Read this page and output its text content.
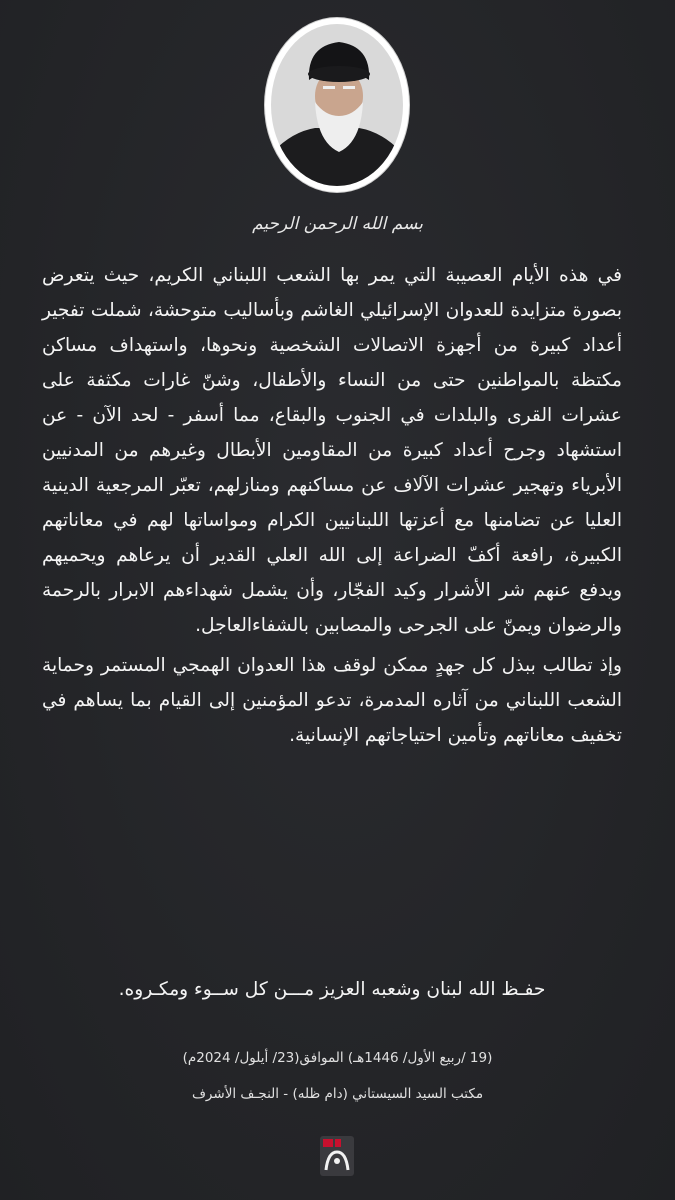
بسم الله الرحمن الرحيم

في هذه الأيام العصيبة التي يمر بها الشعب اللبناني الكريم، حيث يتعرض بصورة متزايدة للعدوان الإسرائيلي الغاشم وبأساليب متوحشة، شملت تفجير أعداد كبيرة من أجهزة الاتصالات الشخصية ونحوها، واستهداف مساكن مكتظة بالمواطنين حتى من النساء والأطفال، وشنّ غارات مكثفة على عشرات القرى والبلدات في الجنوب والبقاع، مما أسفر - لحد الآن - عن استشهاد وجرح أعداد كبيرة من المقاومين الأبطال وغيرهم من المدنيين الأبرياء وتهجير عشرات الآلاف عن مساكنهم ومنازلهم، تعبّر المرجعية الدينية العليا عن تضامنها مع أعزتها اللبنانيين الكرام ومواساتها لهم في معاناتهم الكبيرة، رافعة أكفّ الضراعة إلى الله العلي القدير أن يرعاهم ويحميهم ويدفع عنهم شر الأشرار وكيد الفجّار، وأن يشمل شهداءهم الابرار بالرحمة والرضوان ويمنّ على الجرحى والمصابين بالشفاءالعاجل.

وإذ تطالب ببذل كل جهدٍ ممكن لوقف هذا العدوان الهمجي المستمر وحماية الشعب اللبناني من آثاره المدمرة، تدعو المؤمنين إلى القيام بما يساهم في تخفيف معاناتهم وتأمين احتياجاتهم الإنسانية.

حفـظ الله لبنان وشعبه العزيز مـــن كل ســوء ومكـروه.
(19 /ربيع الأول/ 1446هـ) الموافق(23/ أيلول/ 2024م)
مكتب السيد السيستاني (دام ظله) - النجـف الأشرف
